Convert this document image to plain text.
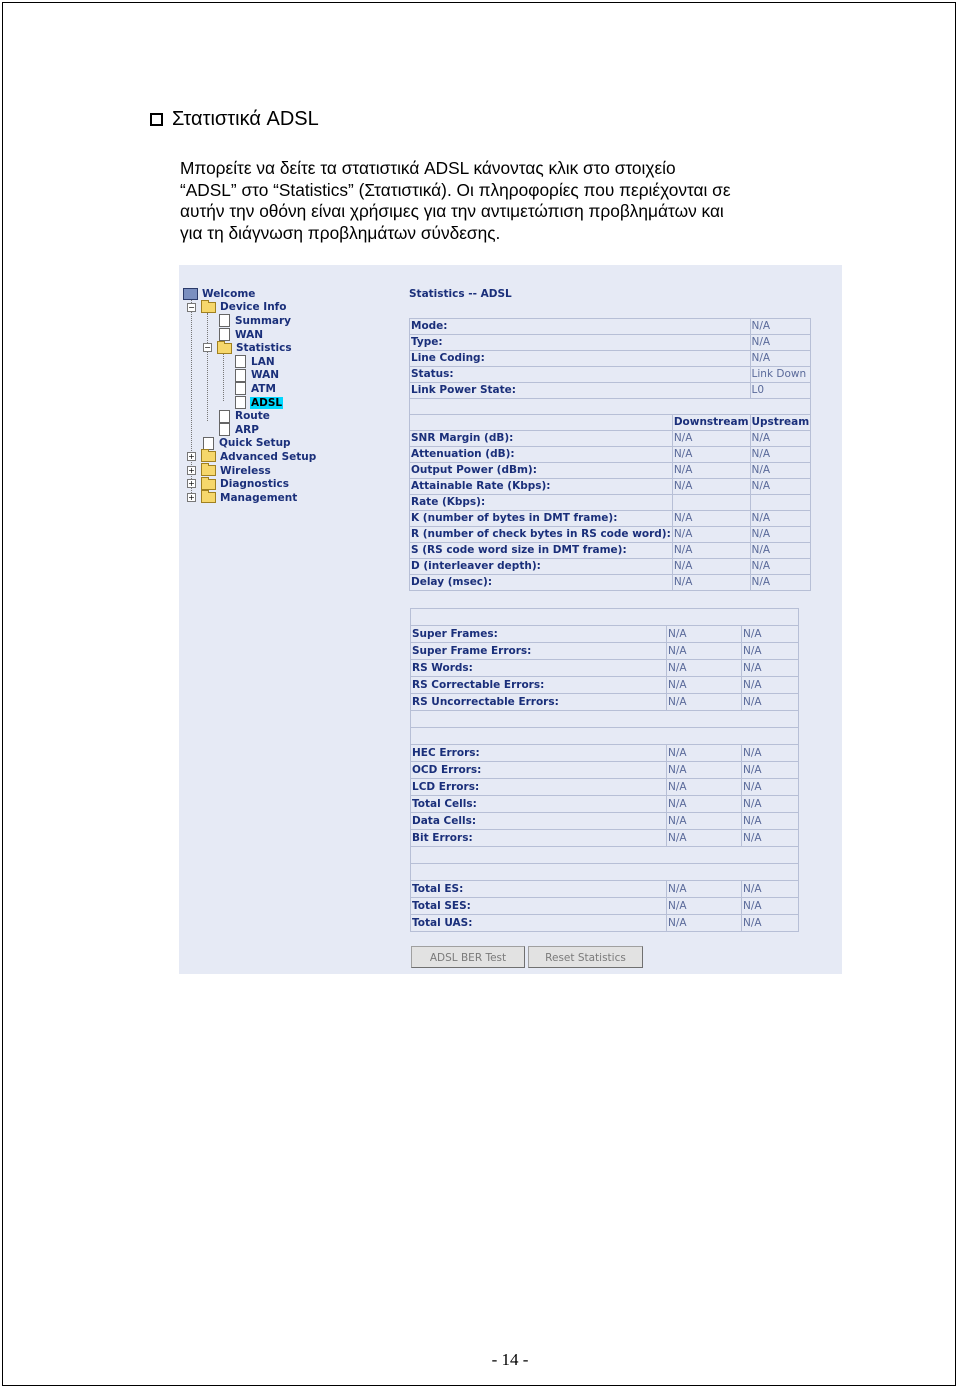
Στατιστικά ADSL

Μπορείτε να δείτε τα στατιστικά ADSL κάνοντας κλικ στο στοιχείο

“ADSL” στο “Statistics” (Στατιστικά). Οι πληροφορίες που περιέχονται σε

αυτήν την οθόνη είναι χρήσιμες για την αντιμετώπιση προβλημάτων και

για τη διάγνωση προβλημάτων σύνδεσης.

Welcome
− Device Info
Summary
WAN
− Statistics
LAN
WAN
ATM
ADSL
Route
ARP
Quick Setup
+ Advanced Setup
+ Wireless
+ Diagnostics
+ Management
Statistics -- ADSL
Mode:		N/A
Type:		N/A
Line Coding:		N/A
Status:		Link Down
Link Power State:		L0

	Downstream	Upstream
SNR Margin (dB):	N/A	N/A
Attenuation (dB):	N/A	N/A
Output Power (dBm):	N/A	N/A
Attainable Rate (Kbps):	N/A	N/A
Rate (Kbps):		
K (number of bytes in DMT frame):	N/A	N/A
R (number of check bytes in RS code word):	N/A	N/A
S (RS code word size in DMT frame):	N/A	N/A
D (interleaver depth):	N/A	N/A
Delay (msec):	N/A	N/A

Super Frames:	N/A	N/A
Super Frame Errors:	N/A	N/A
RS Words:	N/A	N/A
RS Correctable Errors:	N/A	N/A
RS Uncorrectable Errors:	N/A	N/A

HEC Errors:	N/A	N/A
OCD Errors:	N/A	N/A
LCD Errors:	N/A	N/A
Total Cells:	N/A	N/A
Data Cells:	N/A	N/A
Bit Errors:	N/A	N/A

Total ES:	N/A	N/A
Total SES:	N/A	N/A
Total UAS:	N/A	N/A
ADSL BER Test	Reset Statistics
- 14 -
